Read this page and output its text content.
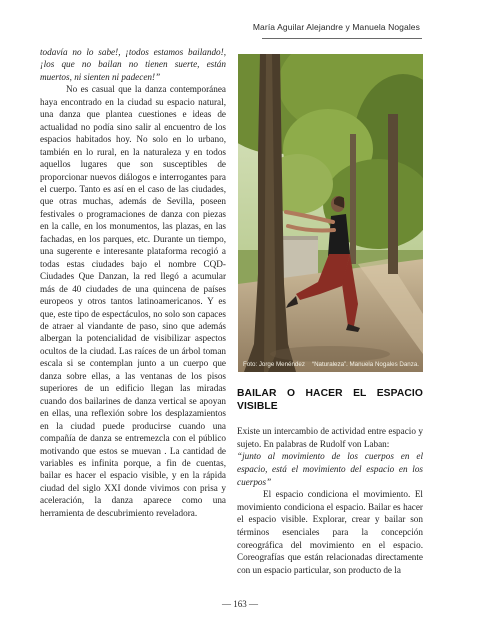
María Aguilar Alejandre y Manuela Nogales

todavía no lo sabe!, ¡todos estamos bailando!, ¡los que no bailan no tienen suerte, están muertos, ni sienten ni padecen!”

No es casual que la danza contemporánea haya encontrado en la ciudad su espacio natural, una danza que plantea cuestiones e ideas de actualidad no podía sino salir al encuentro de los espacios habitados hoy. No solo en lo urbano, también en lo rural, en la naturaleza y en todos aquellos lugares que son susceptibles de proporcionar nuevos diálogos e interrogantes para el cuerpo. Tanto es así en el caso de las ciudades, que otras muchas, además de Sevilla, poseen festivales o programaciones de danza con piezas en la calle, en los monumentos, las plazas, en las fachadas, en los parques, etc. Durante un tiempo, una sugerente e interesante plataforma recogió a todas estas ciudades bajo el nombre CQD-Ciudades Que Danzan, la red llegó a acumular más de 40 ciudades de una quincena de países europeos y otros tantos latinoamericanos. Y es que, este tipo de espectáculos, no solo son capaces de atraer al viandante de paso, sino que además albergan la potencialidad de visibilizar aspectos ocultos de la ciudad. Las raíces de un árbol toman escala si se contemplan junto a un cuerpo que danza sobre ellas, a las ventanas de los pisos superiores de un edificio llegan las miradas cuando dos bailarines de danza vertical se apoyan en ellas, una reflexión sobre los desplazamientos en la ciudad puede producirse cuando una compañía de danza se entremezcla con el público motivando que estos se muevan . La cantidad de variables es infinita porque, a fin de cuentas, bailar es hacer el espacio visible, y en la rápida ciudad del siglo XXI donde vivimos con prisa y aceleración, la danza aparece como una herramienta de descubrimiento reveladora.

Foto: Jorge Menéndez “Naturaleza”. Manuela Nogales Danza.
BAILAR O HACER EL ESPACIO VISIBLE

Existe un intercambio de actividad entre espacio y sujeto. En palabras de Rudolf von Laban:

“junto al movimiento de los cuerpos en el espacio, está el movimiento del espacio en los cuerpos”

El espacio condiciona el movimiento. El movimiento condiciona el espacio. Bailar es hacer el espacio visible. Explorar, crear y bailar son términos esenciales para la concepción coreográfica del movimiento en el espacio. Coreografías que están relacionadas directamente con un espacio particular, son producto de la

— 163 —
